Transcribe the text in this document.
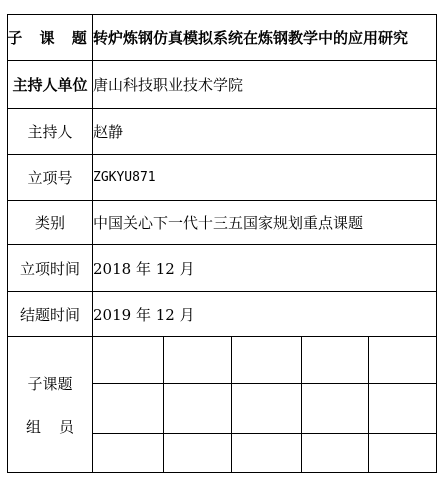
子 课 题 转炉炼钢仿真模拟系统在炼钢教学中的应用研究
主持人单位 唐山科技职业技术学院
主持人	赵静
立项号	ZGKYU871
类别	中国关心下一代十三五国家规划重点课题
立项时间 2018 年 12 月
结题时间 2019 年 12 月
子课题
组员
